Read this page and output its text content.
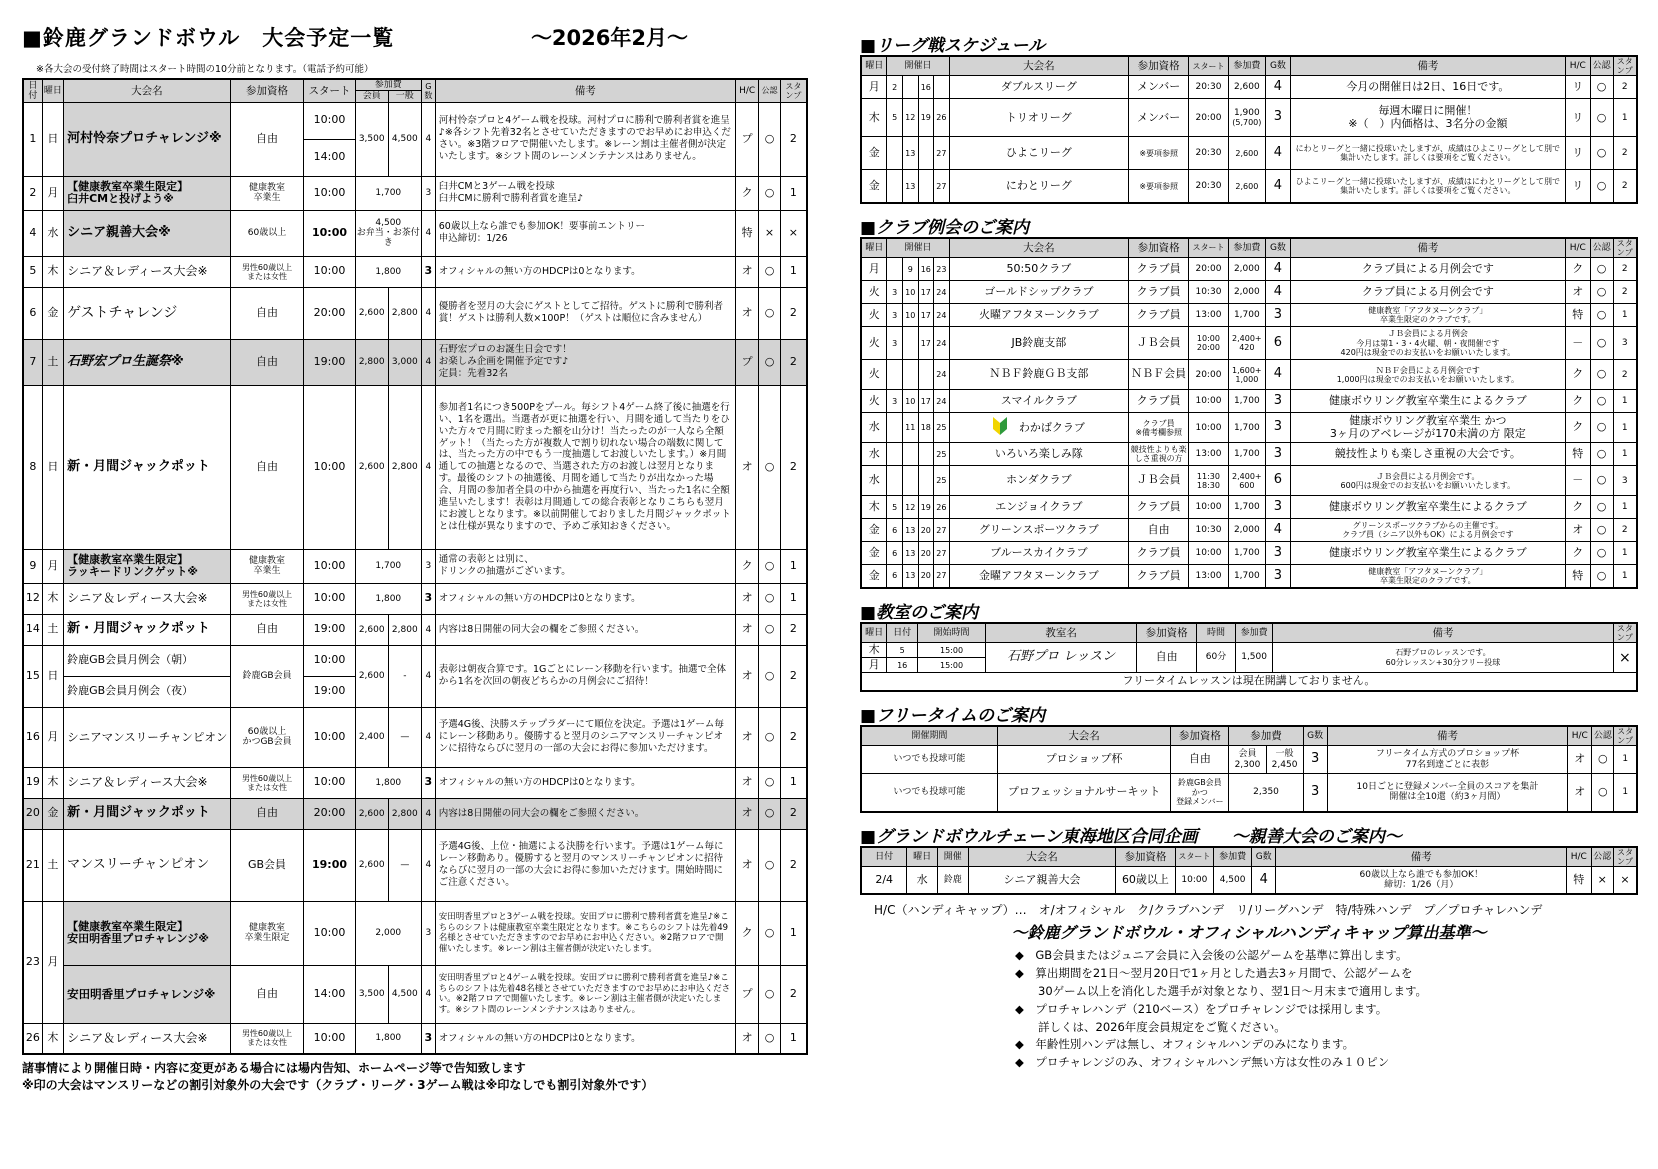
■鈴鹿グランドボウル　大会予定一覧	～2026年2月～
※各大会の受付終了時間はスタート時間の10分前となります。（電話予約可能）
日付	曜日	大会名	参加資格	スタート	参加費		G数	備考	H/C	公認	スタンプ
					会員	一般					
1	日	河村怜奈プロチャレンジ※	自由	10:00	3,500	4,500	4	河村怜奈プロと4ゲーム戦を投球。河村プロに勝利で勝利者賞を進呈♪※各シフト先着32名とさせていただきますのでお早めにお申込ください。※3階フロアで開催いたします。※レーン割は主催者側が決定いたします。※シフト間のレーンメンテナンスはありません。	プ	○	2
				14:00							
2	月	【健康教室卒業生限定】
臼井CMと投げよう※	健康教室
卒業生	10:00	1,700		3	臼井CMと3ゲーム戦を投球
臼井CMに勝利で勝利者賞を進呈♪	ク	○	1
4	水	シニア親善大会※	60歳以上	10:00	4,500
お弁当・お茶付き		4	60歳以上なら誰でも参加OK！要事前エントリー
申込締切：1/26	特	×	×
5	木	シニア＆レディース大会※	男性60歳以上
または女性	10:00	1,800		3	オフィシャルの無い方のHDCPは0となります。	オ	○	1
6	金	ゲストチャレンジ	自由	20:00	2,600	2,800	4	優勝者を翌月の大会にゲストとしてご招待。ゲストに勝利で勝利者賞！ゲストは勝利人数×100P！（ゲストは順位に含みません）	オ	○	2
7	土	石野宏プロ生誕祭※	自由	19:00	2,800	3,000	4	石野宏プロのお誕生日会です！
お楽しみ企画を開催予定です♪
定員：先着32名	プ	○	2
8	日	新・月間ジャックポット	自由	10:00	2,600	2,800	4	参加者1名につき500Pをプール。毎シフト4ゲーム終了後に抽選を行い、1名を選出。当選者が更に抽選を行い、月間を通して当たりをひいた方々で月間に貯まった額を山分け！当たったのが一人なら全額ゲット！（当たった方が複数人で割り切れない場合の端数に関しては、当たった方の中でもう一度抽選してお渡しいたします。）※月間通しての抽選となるので、当選された方のお渡しは翌月となります。最後のシフトの抽選後、月間を通して当たりが出なかった場合、月間の参加者全員の中から抽選を再度行い、当たった1名に全額進呈いたします！表彰は月間通しての総合表彰となりこちらも翌月にお渡しとなります。※以前開催しておりました月間ジャックポットとは仕様が異なりますので、予めご承知おきください。	オ	○	2
9	月	【健康教室卒業生限定】
ラッキードリンクゲット※	健康教室
卒業生	10:00	1,700		3	通常の表彰とは別に、
ドリンクの抽選がございます。	ク	○	1
12	木	シニア＆レディース大会※	男性60歳以上
または女性	10:00	1,800		3	オフィシャルの無い方のHDCPは0となります。	オ	○	1
14	土	新・月間ジャックポット	自由	19:00	2,600	2,800	4	内容は8日開催の同大会の欄をご参照ください。	オ	○	2
15	日	鈴鹿GB会員月例会（朝）	鈴鹿GB会員	10:00	2,600	-	4	表彰は朝夜合算です。1Gごとにレーン移動を行います。抽選で全体から1名を次回の朝夜どちらかの月例会にご招待！	オ	○	2
		鈴鹿GB会員月例会（夜）		19:00							
16	月	シニアマンスリーチャンピオン	60歳以上
かつGB会員	10:00	2,400	—	4	予選4G後、決勝ステップラダーにて順位を決定。予選は1ゲーム毎にレーン移動あり。優勝すると翌月のシニアマンスリーチャンピオンに招待ならびに翌月の一部の大会にお得に参加いただけます。	オ	○	2
19	木	シニア＆レディース大会※	男性60歳以上
または女性	10:00	1,800		3	オフィシャルの無い方のHDCPは0となります。	オ	○	1
20	金	新・月間ジャックポット	自由	20:00	2,600	2,800	4	内容は8日開催の同大会の欄をご参照ください。	オ	○	2
21	土	マンスリーチャンピオン	GB会員	19:00	2,600	—	4	予選4G後、上位・抽選による決勝を行います。予選は1ゲーム毎にレーン移動あり。優勝すると翌月のマンスリーチャンピオンに招待ならびに翌月の一部の大会にお得に参加いただけます。開始時間にご注意ください。	オ	○	2
23	月	【健康教室卒業生限定】
安田明香里プロチャレンジ※	健康教室
卒業生限定	10:00	2,000		3	安田明香里プロと3ゲーム戦を投球。安田プロに勝利で勝利者賞を進呈♪※こちらのシフトは健康教室卒業生限定となります。※こちらのシフトは先着49名様とさせていただきますのでお早めにお申込ください。※2階フロアで開催いたします。※レーン割は主催者側が決定いたします。	ク	○	1
		安田明香里プロチャレンジ※	自由	14:00	3,500	4,500	4	安田明香里プロと4ゲーム戦を投球。安田プロに勝利で勝利者賞を進呈♪※こちらのシフトは先着48名様とさせていただきますのでお早めにお申込ください。※2階フロアで開催いたします。※レーン割は主催者側が決定いたします。※シフト間のレーンメンテナンスはありません。	プ	○	2
26	木	シニア＆レディース大会※	男性60歳以上
または女性	10:00	1,800		3	オフィシャルの無い方のHDCPは0となります。	オ	○	1
諸事情により開催日時・内容に変更がある場合には場内告知、ホームページ等で告知致します
※印の大会はマンスリーなどの割引対象外の大会です（クラブ・リーグ・3ゲーム戦は※印なしでも割引対象外です）
■リーグ戦スケジュール
曜日	開催日				大会名	参加資格	スタート	参加費	G数	備考	H/C	公認	スタンプ
月	2		16		ダブルスリーグ	メンバー	20:30	2,600	4	今月の開催日は2日、16日です。	リ	○	2
木	5	12	19	26	トリオリーグ	メンバー	20:00	1,900
(5,700)	3	毎週木曜日に開催！
※（　）内価格は、3名分の金額	リ	○	1
金		13		27	ひよこリーグ	※要項参照	20:30	2,600	4	にわとリーグと一緒に投球いたしますが、成績はひよこリーグとして別で集計いたします。詳しくは要項をご覧ください。	リ	○	2
金		13		27	にわとリーグ	※要項参照	20:30	2,600	4	ひよこリーグと一緒に投球いたしますが、成績はにわとリーグとして別で集計いたします。詳しくは要項をご覧ください。	リ	○	2
■クラブ例会のご案内
曜日	開催日				大会名	参加資格	スタート	参加費	G数	備考	H/C	公認	スタンプ
月		9	16	23	50:50クラブ	クラブ員	20:00	2,000	4	クラブ員による月例会です	ク	○	2
火	3	10	17	24	ゴールドシップクラブ	クラブ員	10:30	2,000	4	クラブ員による月例会です	オ	○	2
火	3	10	17	24	火曜アフタヌーンクラブ	クラブ員	13:00	1,700	3	健康教室「アフタヌーンクラブ」
卒業生限定のクラブです。	特	○	1
火	3		17	24	JB鈴鹿支部	ＪＢ会員	10:00
20:00	2,400+
420	6	ＪＢ会員による月例会
今月は第1・3・4火曜、朝・夜開催です
420円は現金でのお支払いをお願いいたします。	－	○	3
火				24	ＮＢＦ鈴鹿ＧＢ支部	ＮＢＦ会員	20:00	1,600+
1,000	4	ＮＢＦ会員による月例会です
1,000円は現金でのお支払いをお願いいたします。	ク	○	2
火	3	10	17	24	スマイルクラブ	クラブ員	10:00	1,700	3	健康ボウリング教室卒業生によるクラブ	ク	○	1
水		11	18	25	わかばクラブ	クラブ員
※備考欄参照	10:00	1,700	3	健康ボウリング教室卒業生 かつ
3ヶ月のアベレージが170未満の方 限定	ク	○	1
水				25	いろいろ楽しみ隊	競技性よりも楽しさ重視の方	13:00	1,700	3	競技性よりも楽しさ重視の大会です。	特	○	1
水				25	ホンダクラブ	ＪＢ会員	11:30
18:30	2,400+
600	6	ＪＢ会員による月例会です。
600円は現金でのお支払いをお願いいたします。	－	○	3
木	5	12	19	26	エンジョイクラブ	クラブ員	10:00	1,700	3	健康ボウリング教室卒業生によるクラブ	ク	○	1
金	6	13	20	27	グリーンスポーツクラブ	自由	10:30	2,000	4	グリーンスポーツクラブからの主催です。
クラブ員（シニア以外もOK）による月例会です	オ	○	2
金	6	13	20	27	ブルースカイクラブ	クラブ員	10:00	1,700	3	健康ボウリング教室卒業生によるクラブ	ク	○	1
金	6	13	20	27	金曜アフタヌーンクラブ	クラブ員	13:00	1,700	3	健康教室「アフタヌーンクラブ」
卒業生限定のクラブです。	特	○	1
■教室のご案内
曜日	日付	開始時間	教室名	参加資格	時間	参加費	備考	スタンプ
木	5	15:00	石野プロ レッスン	自由	60分	1,500	石野プロのレッスンです。
60分レッスン+30分フリー投球	×
月	16	15:00						
フリータイムレッスンは現在開講しておりません。								
■フリータイムのご案内
開催期間	大会名	参加資格	参加費		G数	備考	H/C	公認	スタンプ
いつでも投球可能	プロショップ杯	自由	会員
2,300	一般
2,450	3	フリータイム方式のプロショップ杯
77名到達ごとに表彰	オ	○	1
いつでも投球可能	プロフェッショナルサーキット	鈴鹿GB会員
かつ
登録メンバー	2,350		3	10日ごとに登録メンバー全員のスコアを集計
開催は全10還（約3ヶ月間）	オ	○	1
■グランドボウルチェーン東海地区合同企画　　～親善大会のご案内～
日付	曜日	開催	大会名	参加資格	スタート	参加費	G数	備考	H/C	公認	スタンプ
2/4	水	鈴鹿	シニア親善大会	60歳以上	10:00	4,500	4	60歳以上なら誰でも参加OK！
締切：1/26（月）	特	×	×
H/C（ハンディキャップ）…　オ/オフィシャル　ク/クラブハンデ　リ/リーグハンデ　特/特殊ハンデ　プ／プロチャレハンデ
～鈴鹿グランドボウル・オフィシャルハンディキャップ算出基準～
◆　GB会員またはジュニア会員に入会後の公認ゲームを基準に算出します。
◆　算出期間を21日～翌月20日で1ヶ月とした過去3ヶ月間で、公認ゲームを
　　30ゲーム以上を消化した選手が対象となり、翌1日～月末まで適用します。
◆　プロチャレハンデ（210ベース）をプロチャレンジでは採用します。
　　詳しくは、2026年度会員規定をご覧ください。
◆　年齢性別ハンデは無し、オフィシャルハンデのみになります。
◆　プロチャレンジのみ、オフィシャルハンデ無い方は女性のみ１０ピン
